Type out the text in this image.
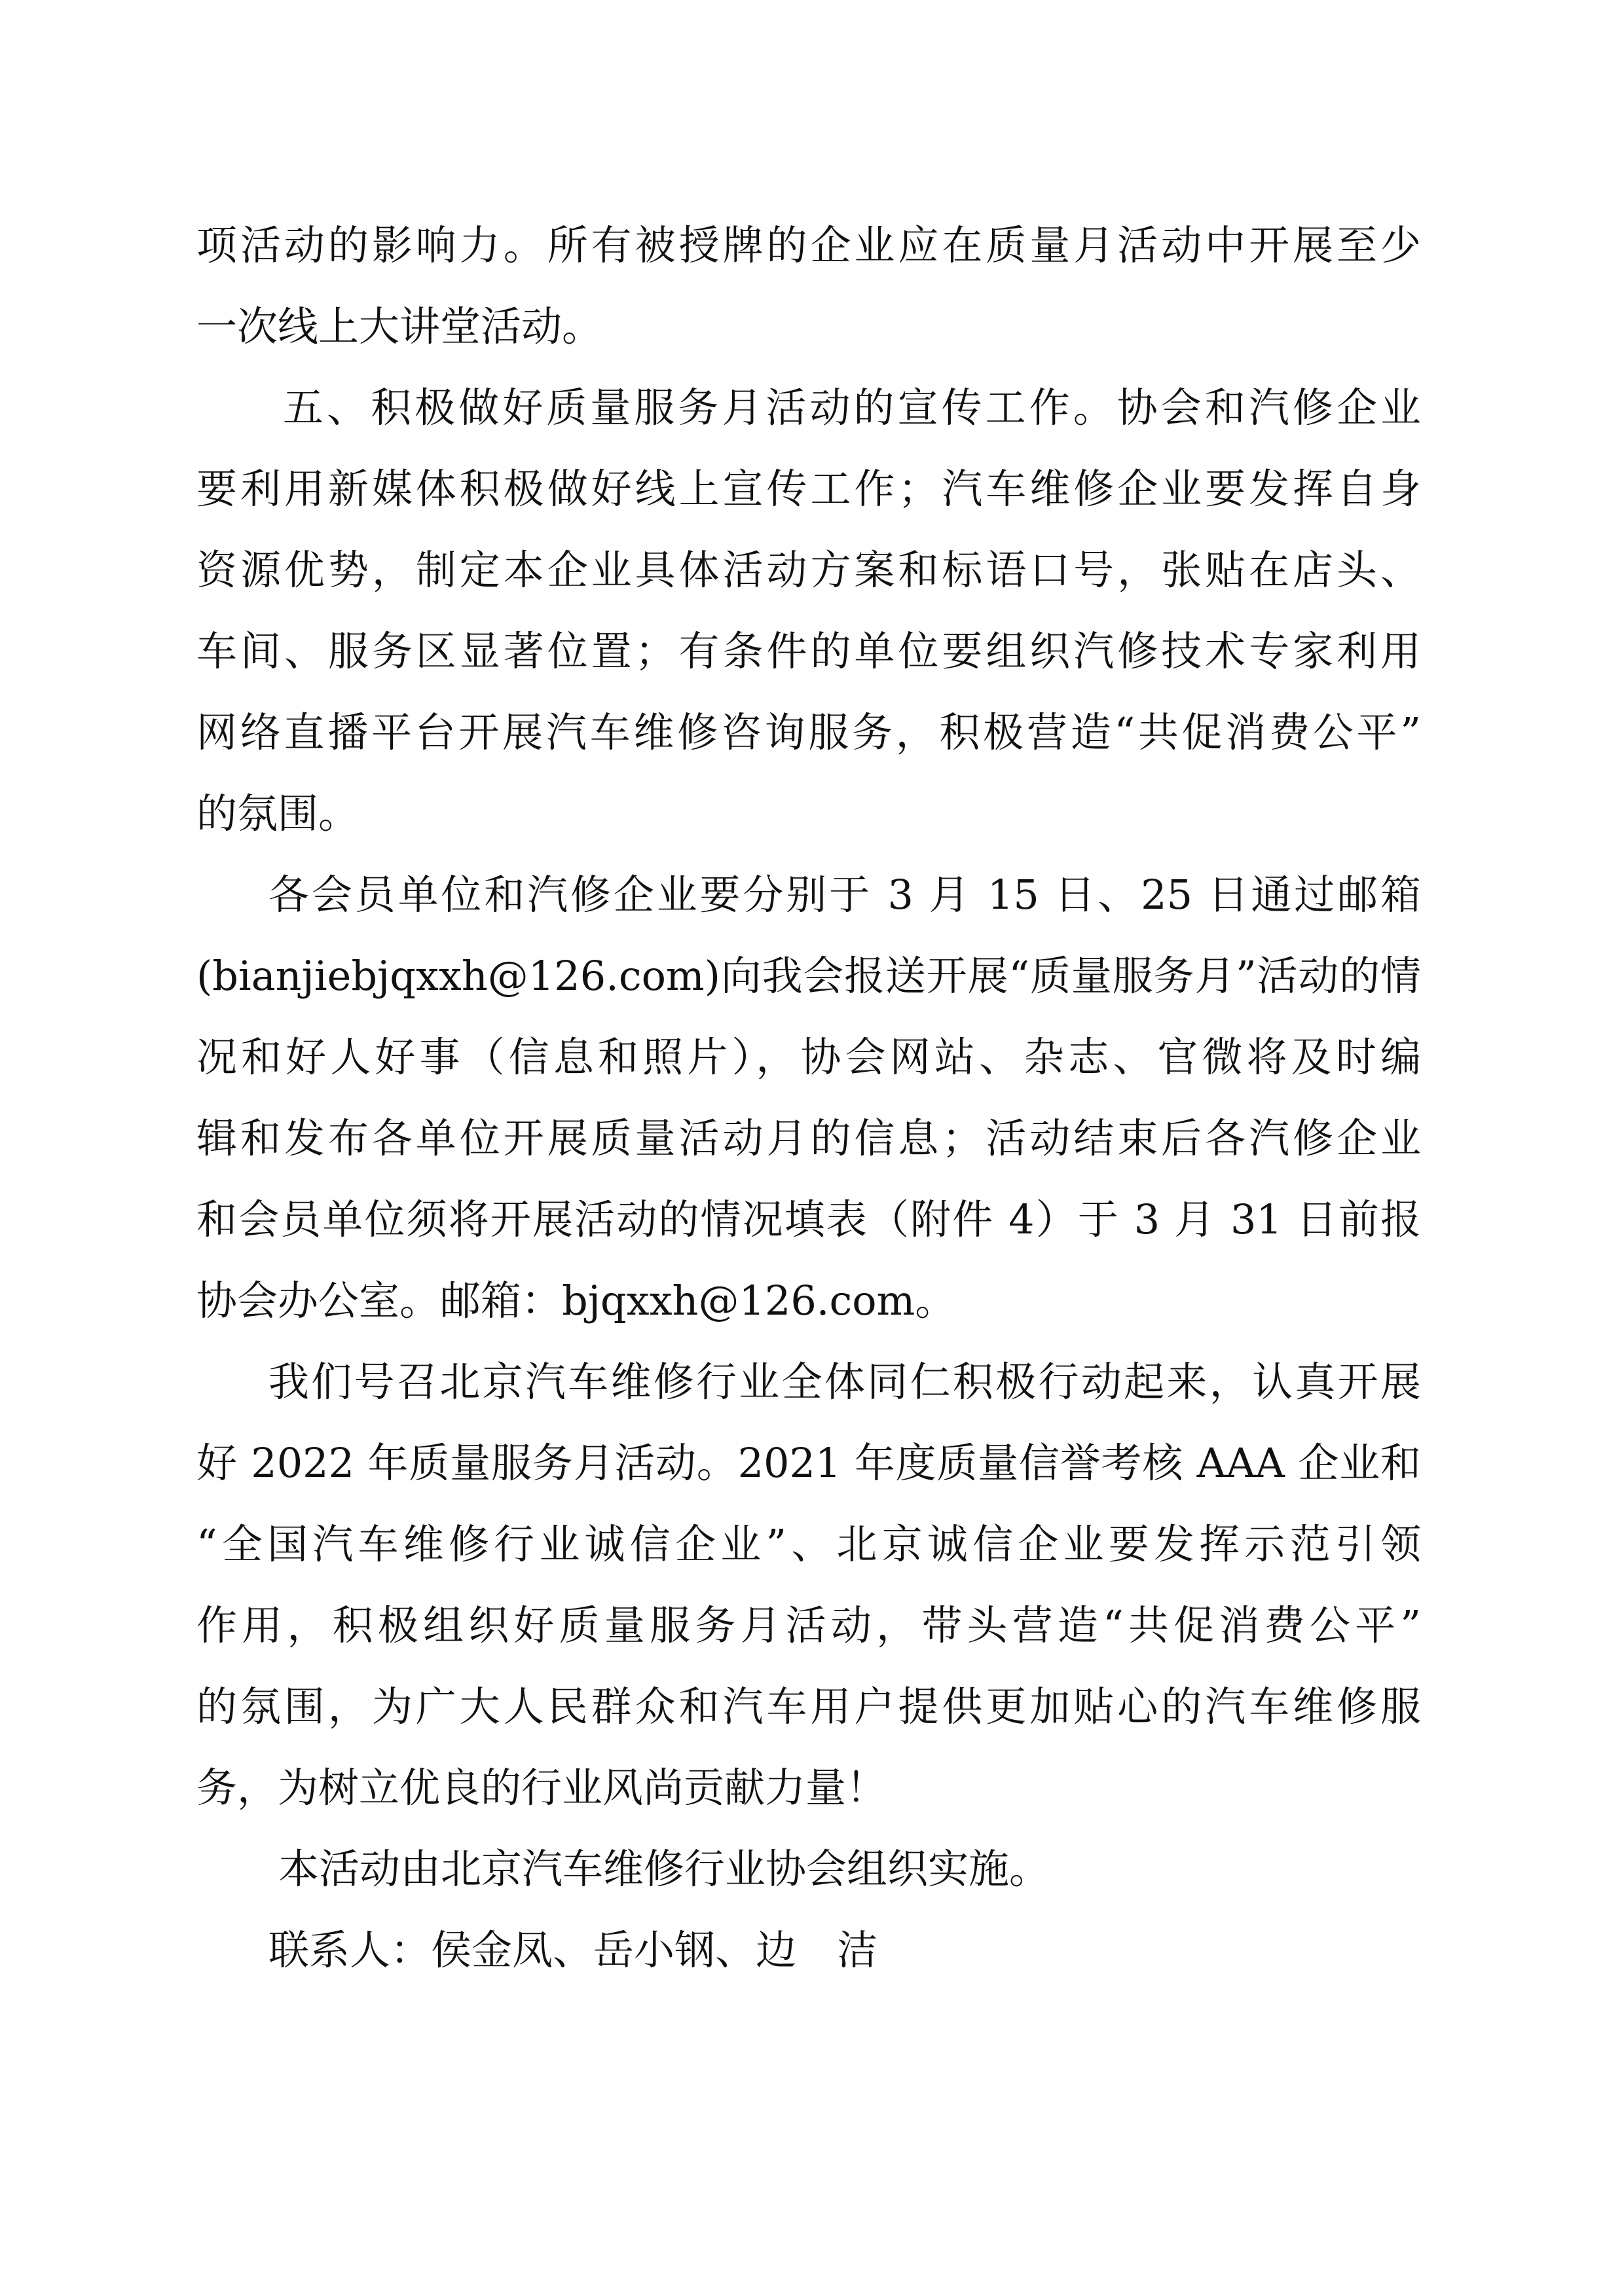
项活动的影响力。所有被授牌的企业应在质量月活动中开展至少
一次线上大讲堂活动。
五、积极做好质量服务月活动的宣传工作。协会和汽修企业
要利用新媒体积极做好线上宣传工作；汽车维修企业要发挥自身
资源优势，制定本企业具体活动方案和标语口号，张贴在店头、
车间、服务区显著位置；有条件的单位要组织汽修技术专家利用
网络直播平台开展汽车维修咨询服务，积极营造“共促消费公平”
的氛围。
各会员单位和汽修企业要分别于 3 月 15 日、25 日通过邮箱
(bianjiebjqxxh@126.com)向我会报送开展“质量服务月”活动的情
况和好人好事（信息和照片），协会网站、杂志、官微将及时编
辑和发布各单位开展质量活动月的信息；活动结束后各汽修企业
和会员单位须将开展活动的情况填表（附件 4）于 3 月 31 日前报
协会办公室。邮箱：bjqxxh@126.com。
我们号召北京汽车维修行业全体同仁积极行动起来，认真开展
好 2022 年质量服务月活动。2021 年度质量信誉考核 AAA 企业和
“全国汽车维修行业诚信企业”、北京诚信企业要发挥示范引领
作用，积极组织好质量服务月活动，带头营造“共促消费公平”
的氛围，为广大人民群众和汽车用户提供更加贴心的汽车维修服
务，为树立优良的行业风尚贡献力量！
本活动由北京汽车维修行业协会组织实施。
联系人：侯金凤、岳小钢、边　洁
